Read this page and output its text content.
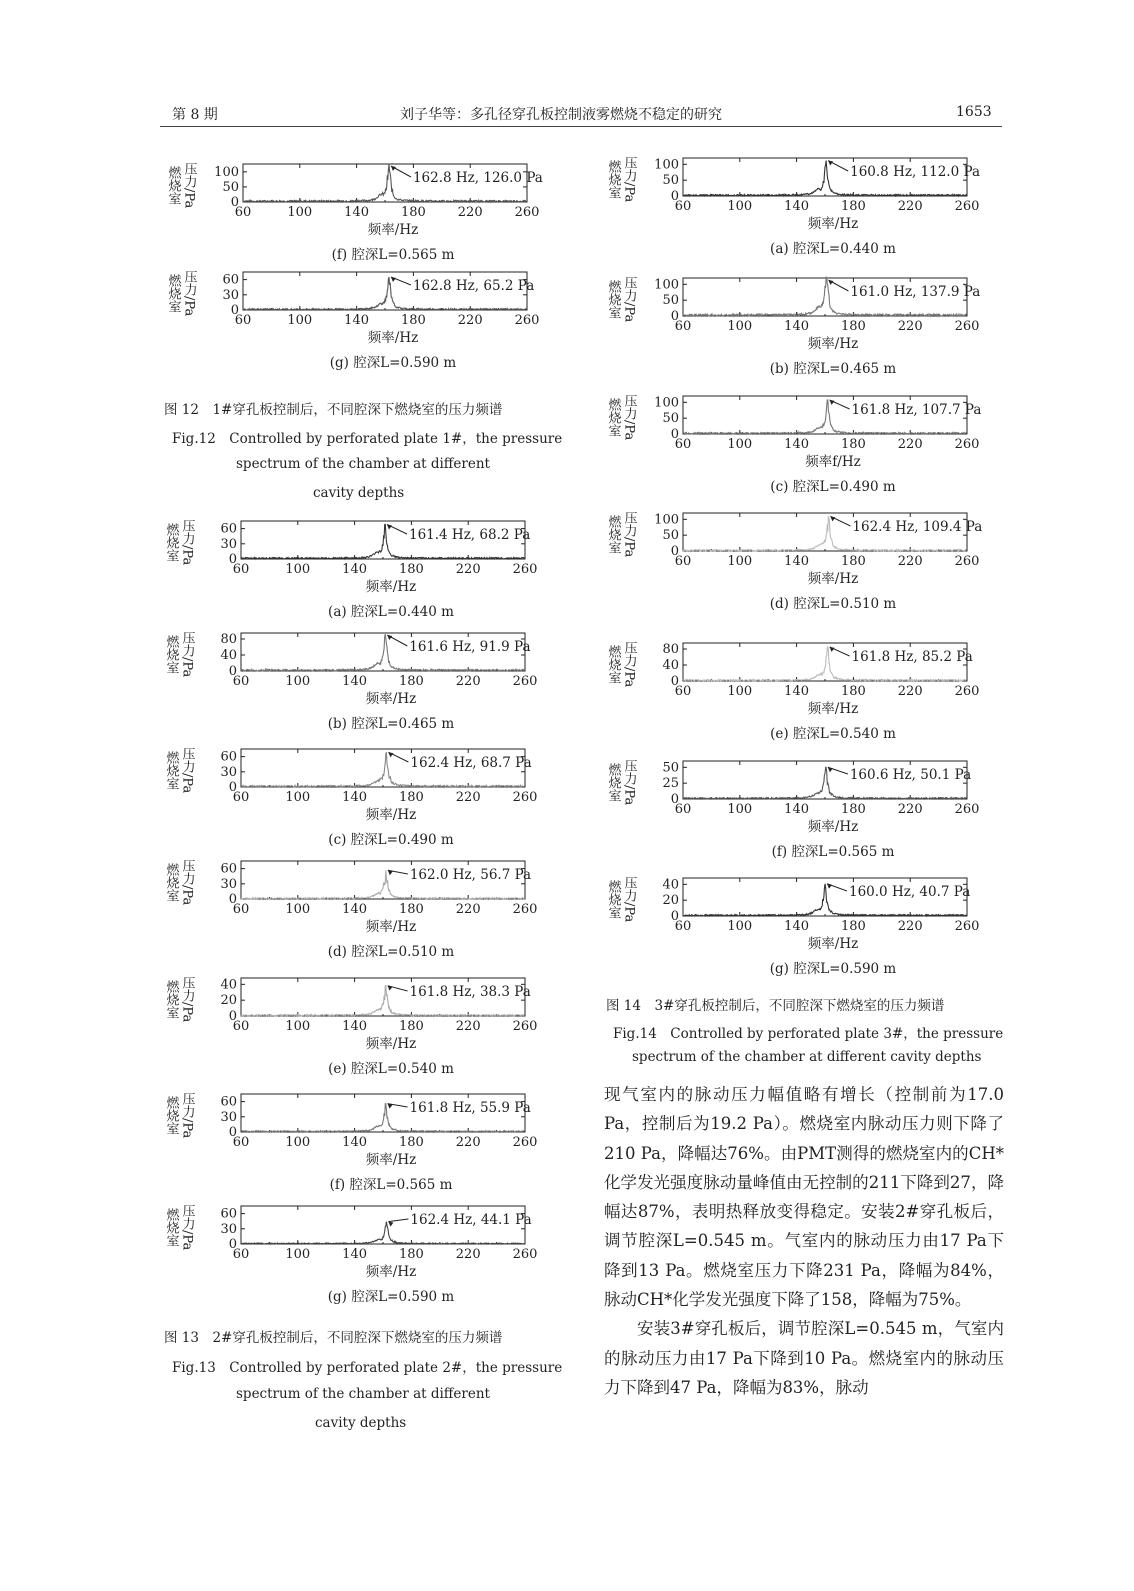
第 8 期	刘子华等：多孔径穿孔板控制液雾燃烧不稳定的研究	1653
燃烧室 压力/Pa
60	100 140 180 220 260
0
50
100	162.8 Hz, 126.0 Pa
频率/Hz
(f) 腔深L=0.565 m
燃烧室 压力/Pa
60	100 140 180 220 260
0
30
60	162.8 Hz, 65.2 Pa
频率/Hz
(g) 腔深L=0.590 m
燃烧室 压力/Pa
60	100 140 180 220 260
0
30
60	161.4 Hz, 68.2 Pa
频率/Hz
(a) 腔深L=0.440 m
燃烧室 压力/Pa
60	100 140 180 220 260
0
40
80	161.6 Hz, 91.9 Pa
频率/Hz
(b) 腔深L=0.465 m
燃烧室 压力/Pa
60	100 140 180 220 260
0
30
60	162.4 Hz, 68.7 Pa
频率/Hz
(c) 腔深L=0.490 m
燃烧室 压力/Pa
60	100 140 180 220 260
0
30
60	162.0 Hz, 56.7 Pa
频率/Hz
(d) 腔深L=0.510 m
燃烧室 压力/Pa
60	100 140 180 220 260
0
20
40	161.8 Hz, 38.3 Pa
频率/Hz
(e) 腔深L=0.540 m
燃烧室 压力/Pa
60	100 140 180 220 260
0
30
60	161.8 Hz, 55.9 Pa
频率/Hz
(f) 腔深L=0.565 m
燃烧室 压力/Pa
60	100 140 180 220 260
0
30
60	162.4 Hz, 44.1 Pa
频率/Hz
(g) 腔深L=0.590 m
燃烧室 压力/Pa
60	100 140 180 220 260
0
50
100	160.8 Hz, 112.0 Pa
频率/Hz
(a) 腔深L=0.440 m
燃烧室 压力/Pa
60	100 140 180 220 260
0
50
100	161.0 Hz, 137.9 Pa
频率/Hz
(b) 腔深L=0.465 m
燃烧室 压力/Pa
60	100 140 180 220 260
0
50
100	161.8 Hz, 107.7 Pa
频率f/Hz
(c) 腔深L=0.490 m
燃烧室 压力/Pa
60	100 140 180 220 260
0
50
100	162.4 Hz, 109.4 Pa
频率/Hz
(d) 腔深L=0.510 m
燃烧室 压力/Pa
60	100 140 180 220 260
0
40
80	161.8 Hz, 85.2 Pa
频率/Hz
(e) 腔深L=0.540 m
燃烧室 压力/Pa
60	100 140 180 220 260
0
25
50	160.6 Hz, 50.1 Pa
频率/Hz
(f) 腔深L=0.565 m
燃烧室 压力/Pa
60	100 140 180 220 260
0
20
40	160.0 Hz, 40.7 Pa
频率/Hz
(g) 腔深L=0.590 m
图 12　1#穿孔板控制后，不同腔深下燃烧室的压力频谱
Fig.12　Controlled by perforated plate 1#，the pressure
spectrum of the chamber at different
cavity depths
图 13　2#穿孔板控制后，不同腔深下燃烧室的压力频谱
Fig.13　Controlled by perforated plate 2#，the pressure
spectrum of the chamber at different
cavity depths
图 14　3#穿孔板控制后，不同腔深下燃烧室的压力频谱
Fig.14　Controlled by perforated plate 3#，the pressure
spectrum of the chamber at different cavity depths

现气室内的脉动压力幅值略有增长（控制前为17.0 Pa，控制后为19.2 Pa）。燃烧室内脉动压力则下降了210 Pa，降幅达76%。由PMT测得的燃烧室内的CH*化学发光强度脉动量峰值由无控制的211下降到27，降幅达87%，表明热释放变得稳定。安装2#穿孔板后，调节腔深L=0.545 m。气室内的脉动压力由17 Pa下降到13 Pa。燃烧室压力下降231 Pa，降幅为84%，脉动CH*化学发光强度下降了158，降幅为75%。

安装3#穿孔板后，调节腔深L=0.545 m，气室内的脉动压力由17 Pa下降到10 Pa。燃烧室内的脉动压力下降到47 Pa，降幅为83%，脉动
